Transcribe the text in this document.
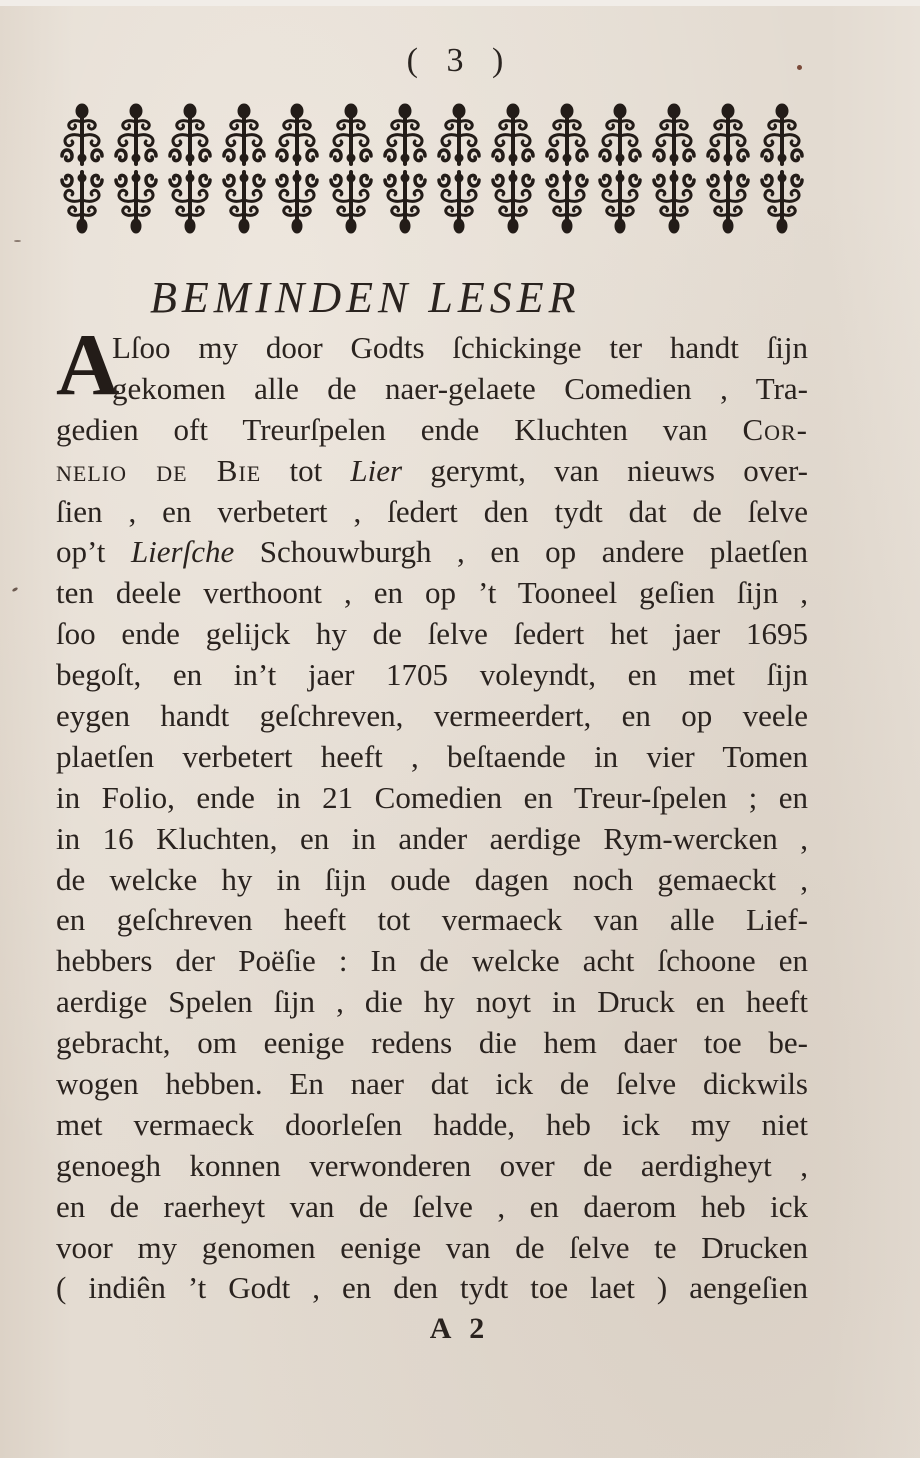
( 3 )
BEMINDEN LESER
A
Lſoo my door Godts ſchickinge ter handt ſijn
gekomen alle de naer-gelaete Comedien , Tra-
gedien oft Treurſpelen ende Kluchten van Cor-
nelio de Bie tot Lier gerymt, van nieuws over-
ſien , en verbetert , ſedert den tydt dat de ſelve
op’t Lierſche Schouwburgh , en op andere plaetſen
ten deele verthoont , en op ’t Tooneel geſien ſijn ,
ſoo ende gelijck hy de ſelve ſedert het jaer 1695
begoſt, en in’t jaer 1705 voleyndt, en met ſijn
eygen handt geſchreven, vermeerdert, en op veele
plaetſen verbetert heeft , beſtaende in vier Tomen
in Folio, ende in 21 Comedien en Treur-ſpelen ; en
in 16 Kluchten, en in ander aerdige Rym-wercken ,
de welcke hy in ſijn oude dagen noch gemaeckt ,
en geſchreven heeft tot vermaeck van alle Lief-
hebbers der Poëſie : In de welcke acht ſchoone en
aerdige Spelen ſijn , die hy noyt in Druck en heeft
gebracht, om eenige redens die hem daer toe be-
wogen hebben. En naer dat ick de ſelve dickwils
met vermaeck doorleſen hadde, heb ick my niet
genoegh konnen verwonderen over de aerdigheyt ,
en de raerheyt van de ſelve , en daerom heb ick
voor my genomen eenige van de ſelve te Drucken
( indiên ’t Godt , en den tydt toe laet ) aengeſien
A 2
